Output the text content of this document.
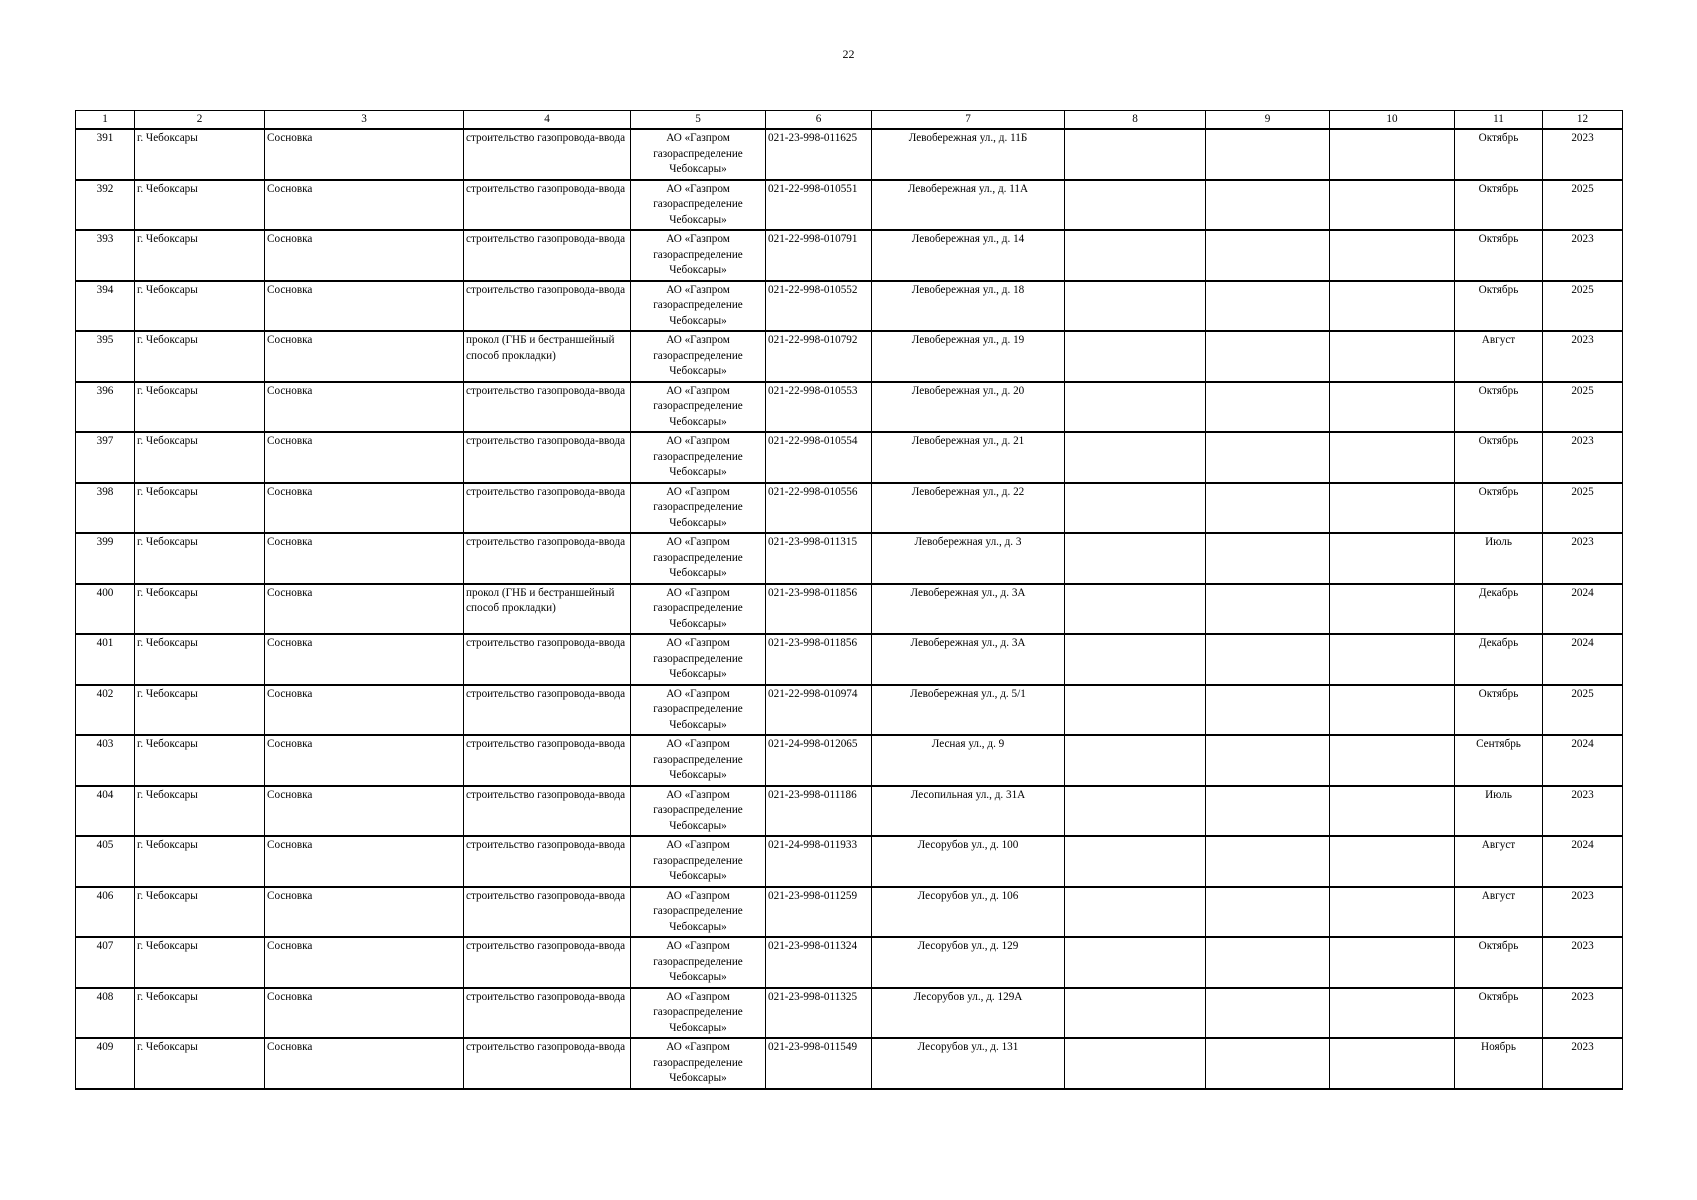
22
1	2	3	4	5	6	7	8	9	10	11	12
391	г. Чебоксары	Сосновка	строительство газопровода-ввода	АО «Газпром газораспределение Чебоксары»	021-23-998-011625	Левобережная ул., д. 11Б				Октябрь	2023
392	г. Чебоксары	Сосновка	строительство газопровода-ввода	АО «Газпром газораспределение Чебоксары»	021-22-998-010551	Левобережная ул., д. 11А				Октябрь	2025
393	г. Чебоксары	Сосновка	строительство газопровода-ввода	АО «Газпром газораспределение Чебоксары»	021-22-998-010791	Левобережная ул., д. 14				Октябрь	2023
394	г. Чебоксары	Сосновка	строительство газопровода-ввода	АО «Газпром газораспределение Чебоксары»	021-22-998-010552	Левобережная ул., д. 18				Октябрь	2025
395	г. Чебоксары	Сосновка	прокол (ГНБ и бестраншейный способ прокладки)	АО «Газпром газораспределение Чебоксары»	021-22-998-010792	Левобережная ул., д. 19				Август	2023
396	г. Чебоксары	Сосновка	строительство газопровода-ввода	АО «Газпром газораспределение Чебоксары»	021-22-998-010553	Левобережная ул., д. 20				Октябрь	2025
397	г. Чебоксары	Сосновка	строительство газопровода-ввода	АО «Газпром газораспределение Чебоксары»	021-22-998-010554	Левобережная ул., д. 21				Октябрь	2023
398	г. Чебоксары	Сосновка	строительство газопровода-ввода	АО «Газпром газораспределение Чебоксары»	021-22-998-010556	Левобережная ул., д. 22				Октябрь	2025
399	г. Чебоксары	Сосновка	строительство газопровода-ввода	АО «Газпром газораспределение Чебоксары»	021-23-998-011315	Левобережная ул., д. 3				Июль	2023
400	г. Чебоксары	Сосновка	прокол (ГНБ и бестраншейный способ прокладки)	АО «Газпром газораспределение Чебоксары»	021-23-998-011856	Левобережная ул., д. 3А				Декабрь	2024
401	г. Чебоксары	Сосновка	строительство газопровода-ввода	АО «Газпром газораспределение Чебоксары»	021-23-998-011856	Левобережная ул., д. 3А				Декабрь	2024
402	г. Чебоксары	Сосновка	строительство газопровода-ввода	АО «Газпром газораспределение Чебоксары»	021-22-998-010974	Левобережная ул., д. 5/1				Октябрь	2025
403	г. Чебоксары	Сосновка	строительство газопровода-ввода	АО «Газпром газораспределение Чебоксары»	021-24-998-012065	Лесная ул., д. 9				Сентябрь	2024
404	г. Чебоксары	Сосновка	строительство газопровода-ввода	АО «Газпром газораспределение Чебоксары»	021-23-998-011186	Лесопильная ул., д. 31А				Июль	2023
405	г. Чебоксары	Сосновка	строительство газопровода-ввода	АО «Газпром газораспределение Чебоксары»	021-24-998-011933	Лесорубов ул., д. 100				Август	2024
406	г. Чебоксары	Сосновка	строительство газопровода-ввода	АО «Газпром газораспределение Чебоксары»	021-23-998-011259	Лесорубов ул., д. 106				Август	2023
407	г. Чебоксары	Сосновка	строительство газопровода-ввода	АО «Газпром газораспределение Чебоксары»	021-23-998-011324	Лесорубов ул., д. 129				Октябрь	2023
408	г. Чебоксары	Сосновка	строительство газопровода-ввода	АО «Газпром газораспределение Чебоксары»	021-23-998-011325	Лесорубов ул., д. 129А				Октябрь	2023
409	г. Чебоксары	Сосновка	строительство газопровода-ввода	АО «Газпром газораспределение Чебоксары»	021-23-998-011549	Лесорубов ул., д. 131				Ноябрь	2023
